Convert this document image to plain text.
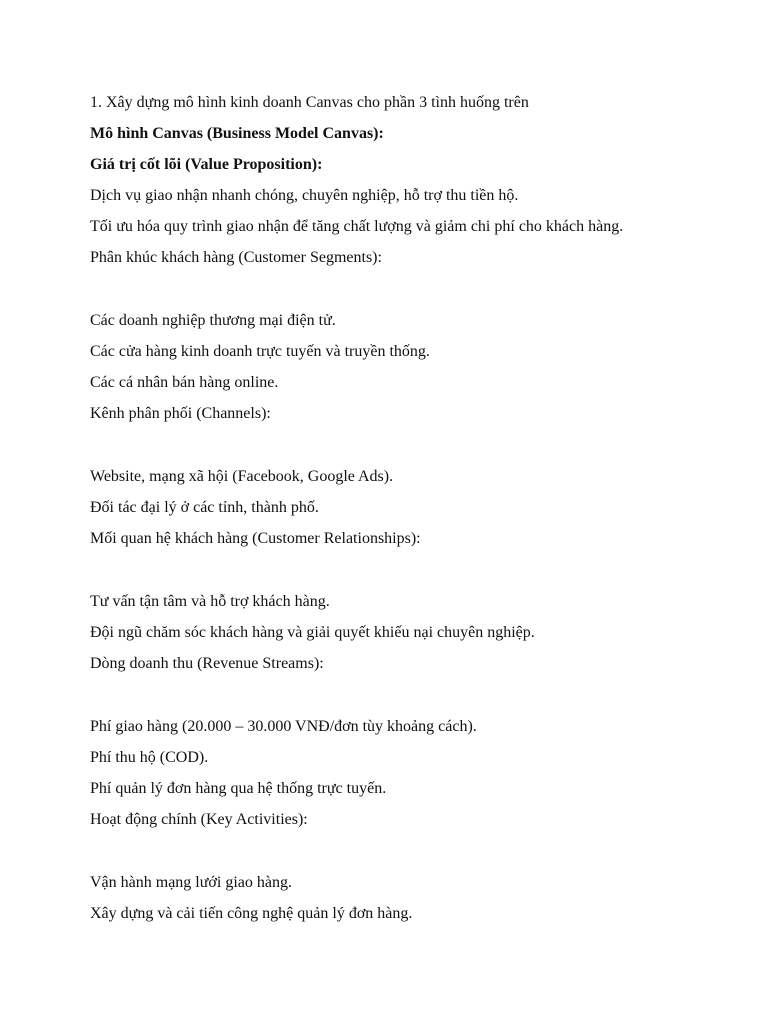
1. Xây dựng mô hình kinh doanh Canvas cho phần 3 tình huống trên
Mô hình Canvas (Business Model Canvas):
Giá trị cốt lõi (Value Proposition):
Dịch vụ giao nhận nhanh chóng, chuyên nghiệp, hỗ trợ thu tiền hộ.
Tối ưu hóa quy trình giao nhận để tăng chất lượng và giảm chi phí cho khách hàng.
Phân khúc khách hàng (Customer Segments):
Các doanh nghiệp thương mại điện tử.
Các cửa hàng kinh doanh trực tuyến và truyền thống.
Các cá nhân bán hàng online.
Kênh phân phối (Channels):
Website, mạng xã hội (Facebook, Google Ads).
Đối tác đại lý ở các tỉnh, thành phố.
Mối quan hệ khách hàng (Customer Relationships):
Tư vấn tận tâm và hỗ trợ khách hàng.
Đội ngũ chăm sóc khách hàng và giải quyết khiếu nại chuyên nghiệp.
Dòng doanh thu (Revenue Streams):
Phí giao hàng (20.000 – 30.000 VNĐ/đơn tùy khoảng cách).
Phí thu hộ (COD).
Phí quản lý đơn hàng qua hệ thống trực tuyến.
Hoạt động chính (Key Activities):
Vận hành mạng lưới giao hàng.
Xây dựng và cải tiến công nghệ quản lý đơn hàng.
